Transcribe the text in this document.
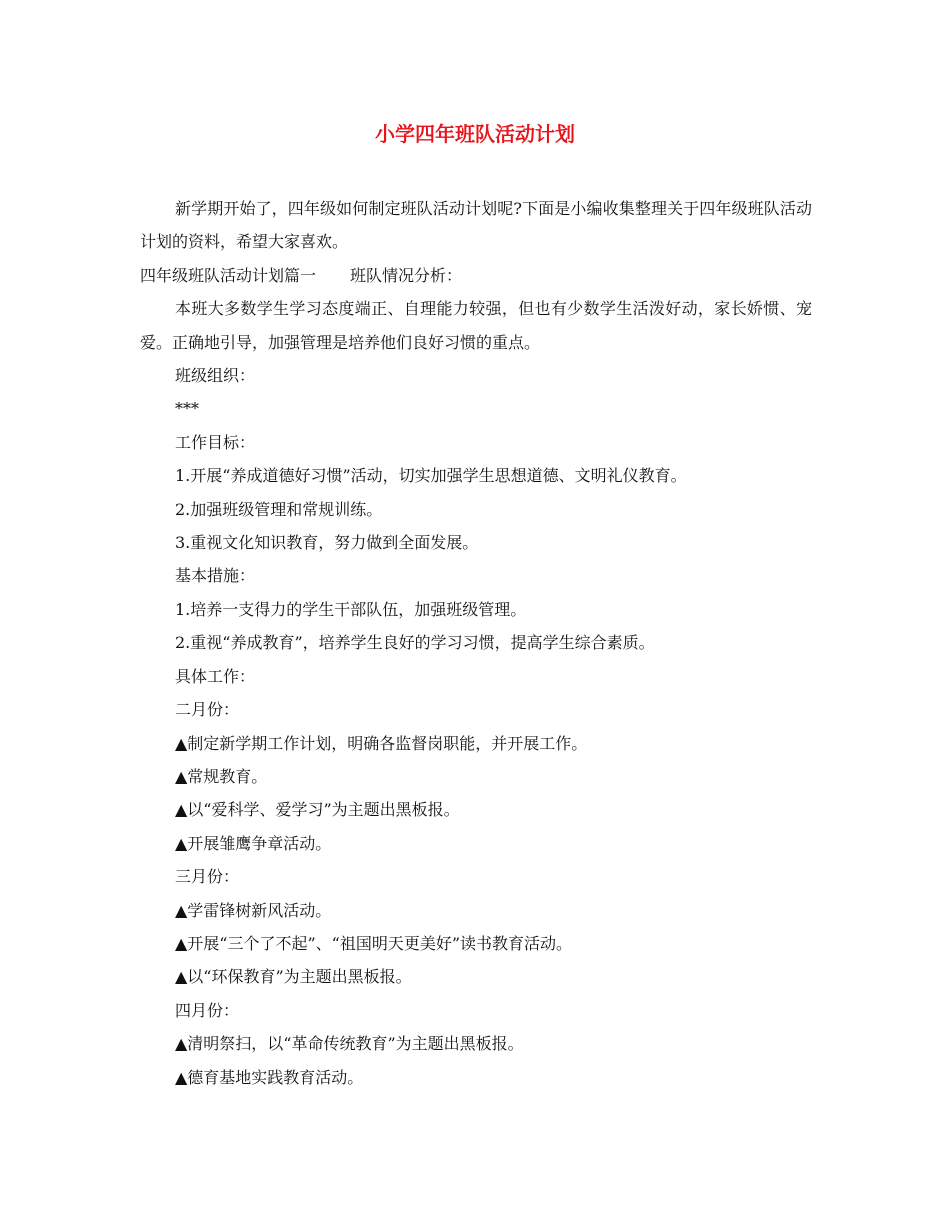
小学四年班队活动计划

新学期开始了，四年级如何制定班队活动计划呢?下面是小编收集整理关于四年级班队活动计划的资料，希望大家喜欢。

四年级班队活动计划篇一 班队情况分析：

本班大多数学生学习态度端正、自理能力较强，但也有少数学生活泼好动，家长娇惯、宠爱。正确地引导，加强管理是培养他们良好习惯的重点。

班级组织：

***

工作目标：

1.开展“养成道德好习惯”活动，切实加强学生思想道德、文明礼仪教育。

2.加强班级管理和常规训练。

3.重视文化知识教育，努力做到全面发展。

基本措施：

1.培养一支得力的学生干部队伍，加强班级管理。

2.重视“养成教育”，培养学生良好的学习习惯，提高学生综合素质。

具体工作：

二月份：

▲制定新学期工作计划，明确各监督岗职能，并开展工作。

▲常规教育。

▲以“爱科学、爱学习”为主题出黑板报。

▲开展雏鹰争章活动。

三月份：

▲学雷锋树新风活动。

▲开展“三个了不起”、“祖国明天更美好”读书教育活动。

▲以“环保教育”为主题出黑板报。

四月份：

▲清明祭扫，以“革命传统教育”为主题出黑板报。

▲德育基地实践教育活动。
